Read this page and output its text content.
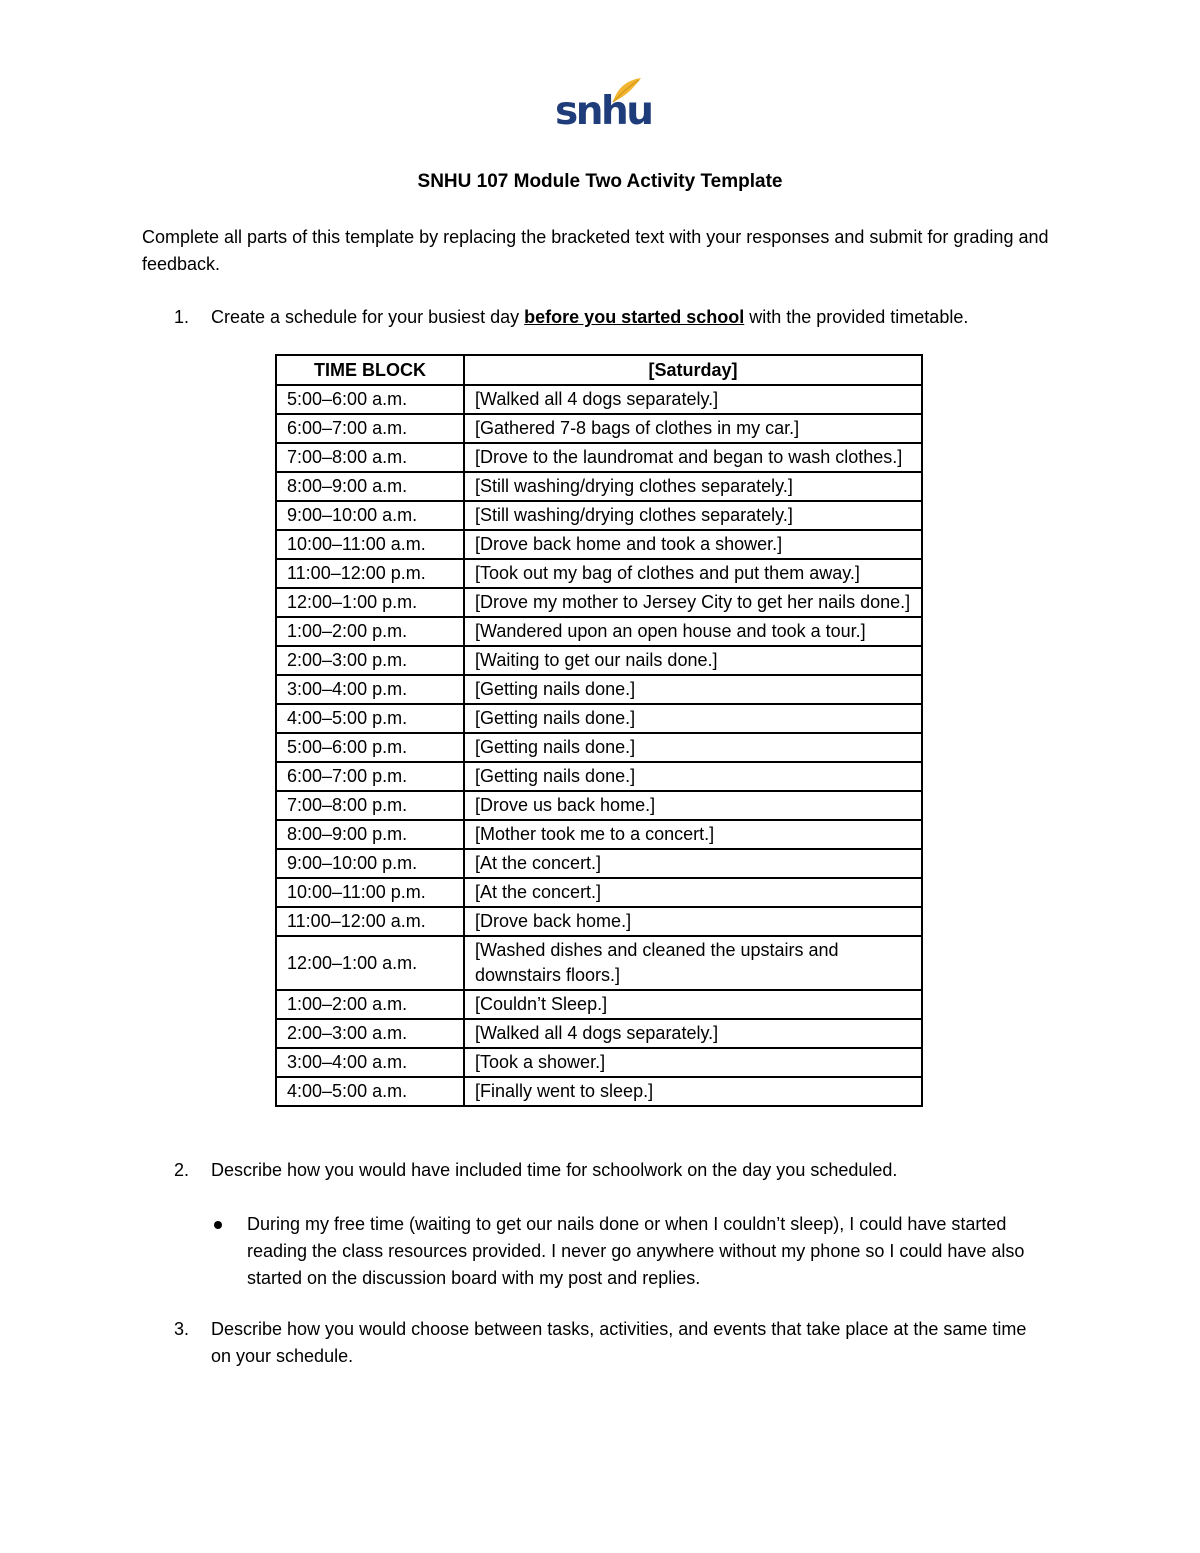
snhu
SNHU 107 Module Two Activity Template
Complete all parts of this template by replacing the bracketed text with your responses and submit for grading and feedback.
1. Create a schedule for your busiest day before you started school with the provided timetable.
TIME BLOCK	[Saturday]
5:00–6:00 a.m.	[Walked all 4 dogs separately.]
6:00–7:00 a.m.	[Gathered 7-8 bags of clothes in my car.]
7:00–8:00 a.m.	[Drove to the laundromat and began to wash clothes.]
8:00–9:00 a.m.	[Still washing/drying clothes separately.]
9:00–10:00 a.m.	[Still washing/drying clothes separately.]
10:00–11:00 a.m.	[Drove back home and took a shower.]
11:00–12:00 p.m.	[Took out my bag of clothes and put them away.]
12:00–1:00 p.m.	[Drove my mother to Jersey City to get her nails done.]
1:00–2:00 p.m.	[Wandered upon an open house and took a tour.]
2:00–3:00 p.m.	[Waiting to get our nails done.]
3:00–4:00 p.m.	[Getting nails done.]
4:00–5:00 p.m.	[Getting nails done.]
5:00–6:00 p.m.	[Getting nails done.]
6:00–7:00 p.m.	[Getting nails done.]
7:00–8:00 p.m.	[Drove us back home.]
8:00–9:00 p.m.	[Mother took me to a concert.]
9:00–10:00 p.m.	[At the concert.]
10:00–11:00 p.m.	[At the concert.]
11:00–12:00 a.m.	[Drove back home.]
12:00–1:00 a.m.	[Washed dishes and cleaned the upstairs and downstairs floors.]
1:00–2:00 a.m.	[Couldn’t Sleep.]
2:00–3:00 a.m.	[Walked all 4 dogs separately.]
3:00–4:00 a.m.	[Took a shower.]
4:00–5:00 a.m.	[Finally went to sleep.]
2. Describe how you would have included time for schoolwork on the day you scheduled.
During my free time (waiting to get our nails done or when I couldn’t sleep), I could have started reading the class resources provided. I never go anywhere without my phone so I could have also started on the discussion board with my post and replies.
3. Describe how you would choose between tasks, activities, and events that take place at the same time on your schedule.
